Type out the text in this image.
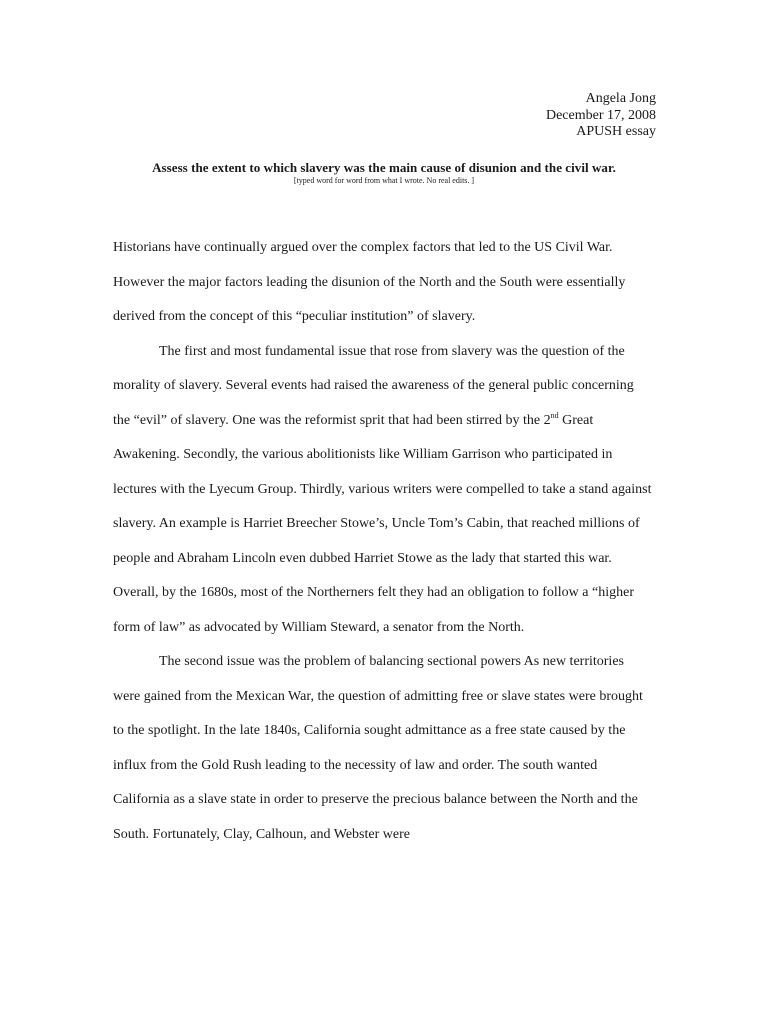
Angela Jong
December 17, 2008
APUSH essay
Assess the extent to which slavery was the main cause of disunion and the civil war.
[typed word for word from what I wrote. No real edits. ]

Historians have continually argued over the complex factors that led to the US Civil War. However the major factors leading the disunion of the North and the South were essentially derived from the concept of this “peculiar institution” of slavery.

The first and most fundamental issue that rose from slavery was the question of the morality of slavery. Several events had raised the awareness of the general public concerning the “evil” of slavery. One was the reformist sprit that had been stirred by the 2nd Great Awakening. Secondly, the various abolitionists like William Garrison who participated in lectures with the Lyecum Group. Thirdly, various writers were compelled to take a stand against slavery. An example is Harriet Breecher Stowe’s, Uncle Tom’s Cabin, that reached millions of people and Abraham Lincoln even dubbed Harriet Stowe as the lady that started this war. Overall, by the 1680s, most of the Northerners felt they had an obligation to follow a “higher form of law” as advocated by William Steward, a senator from the North.

The second issue was the problem of balancing sectional powers As new territories were gained from the Mexican War, the question of admitting free or slave states were brought to the spotlight. In the late 1840s, California sought admittance as a free state caused by the influx from the Gold Rush leading to the necessity of law and order. The south wanted California as a slave state in order to preserve the precious balance between the North and the South. Fortunately, Clay, Calhoun, and Webster were
